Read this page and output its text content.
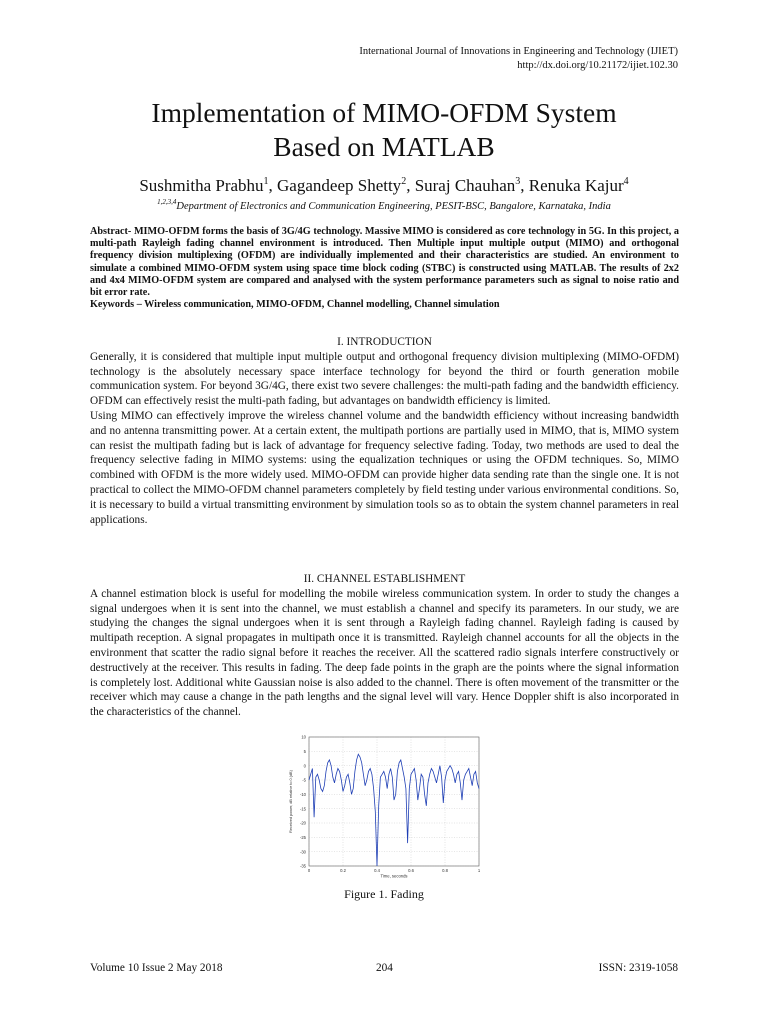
International Journal of Innovations in Engineering and Technology (IJIET)
http://dx.doi.org/10.21172/ijiet.102.30
Implementation of MIMO-OFDM System
Based on MATLAB
Sushmitha Prabhu$^1$, Gagandeep Shetty$^2$, Suraj Chauhan$^3$, Renuka Kajur$^4$
$^{1,2,3,4}$Department of Electronics and Communication Engineering, PESIT-BSC, Bangalore, Karnataka, India

Abstract- MIMO-OFDM forms the basis of 3G/4G technology. Massive MIMO is considered as core technology in 5G. In this project, a multi-path Rayleigh fading channel environment is introduced. Then Multiple input multiple output (MIMO) and orthogonal frequency division multiplexing (OFDM) are individually implemented and their characteristics are studied. An environment to simulate a combined MIMO-OFDM system using space time block coding (STBC) is constructed using MATLAB. The results of 2x2 and 4x4 MIMO-OFDM system are compared and analysed with the system performance parameters such as signal to noise ratio and bit error rate.

Keywords – Wireless communication, MIMO-OFDM, Channel modelling, Channel simulation

I. INTRODUCTION

Generally, it is considered that multiple input multiple output and orthogonal frequency division multiplexing (MIMO-OFDM) technology is the absolutely necessary space interface technology for beyond the third or fourth generation mobile communication system. For beyond 3G/4G, there exist two severe challenges: the multi-path fading and the bandwidth efficiency. OFDM can effectively resist the multi-path fading, but advantages on bandwidth efficiency is limited.

Using MIMO can effectively improve the wireless channel volume and the bandwidth efficiency without increasing bandwidth and no antenna transmitting power. At a certain extent, the multipath portions are partially used in MIMO, that is, MIMO system can resist the multipath fading but is lack of advantage for frequency selective fading. Today, two methods are used to deal the frequency selective fading in MIMO systems: using the equalization techniques or using the OFDM techniques. So, MIMO combined with OFDM is the more widely used. MIMO-OFDM can provide higher data sending rate than the single one. It is not practical to collect the MIMO-OFDM channel parameters completely by field testing under various environmental conditions. So, it is necessary to build a virtual transmitting environment by simulation tools so as to obtain the system channel parameters in real applications.

II. CHANNEL ESTABLISHMENT

A channel estimation block is useful for modelling the mobile wireless communication system. In order to study the changes a signal undergoes when it is sent into the channel, we must establish a channel and specify its parameters. In our study, we are studying the changes the signal undergoes when it is sent through a Rayleigh fading channel. Rayleigh fading is caused by multipath reception. A signal propagates in multipath once it is transmitted. Rayleigh channel accounts for all the objects in the environment that scatter the radio signal before it reaches the receiver. All the scattered radio signals interfere constructively or destructively at the receiver. This results in fading. The deep fade points in the graph are the points where the signal information is completely lost. Additional white Gaussian noise is also added to the channel. There is often movement of the transmitter or the receiver which may cause a change in the path lengths and the signal level will vary. Hence Doppler shift is also incorporated in the characteristics of the channel.

10
5
0
-5
-10
-15
-20
-25
-30
-35
0	0.2	0.4	0.6	0.8	1
Time, seconds
Received power, dB relative to 0 (dB)
Figure 1. Fading
Volume 10 Issue 2 May 2018	204	ISSN: 2319-1058
